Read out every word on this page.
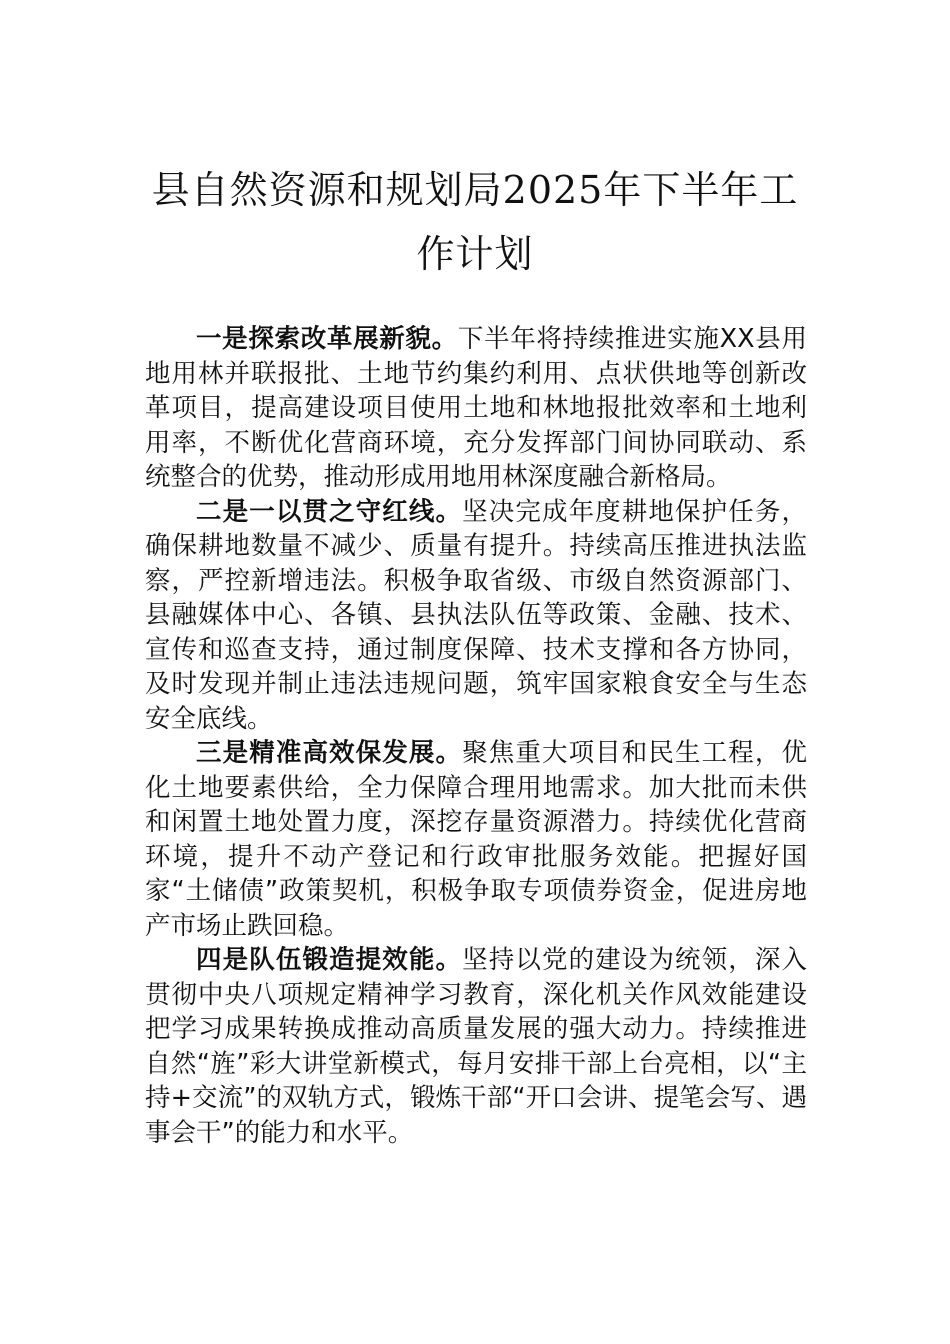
县自然资源和规划局2025年下半年工作计划

一是探索改革展新貌。下半年将持续推进实施XX县用地用林并联报批、土地节约集约利用、点状供地等创新改革项目，提高建设项目使用土地和林地报批效率和土地利用率，不断优化营商环境，充分发挥部门间协同联动、系统整合的优势，推动形成用地用林深度融合新格局。

二是一以贯之守红线。坚决完成年度耕地保护任务，确保耕地数量不减少、质量有提升。持续高压推进执法监察，严控新增违法。积极争取省级、市级自然资源部门、县融媒体中心、各镇、县执法队伍等政策、金融、技术、宣传和巡查支持，通过制度保障、技术支撑和各方协同，及时发现并制止违法违规问题，筑牢国家粮食安全与生态安全底线。

三是精准高效保发展。聚焦重大项目和民生工程，优化土地要素供给，全力保障合理用地需求。加大批而未供和闲置土地处置力度，深挖存量资源潜力。持续优化营商环境，提升不动产登记和行政审批服务效能。把握好国家“土储债”政策契机，积极争取专项债券资金，促进房地产市场止跌回稳。

四是队伍锻造提效能。坚持以党的建设为统领，深入贯彻中央八项规定精神学习教育，深化机关作风效能建设把学习成果转换成推动高质量发展的强大动力。持续推进自然“旌”彩大讲堂新模式，每月安排干部上台亮相，以“主持+交流”的双轨方式，锻炼干部“开口会讲、提笔会写、遇事会干”的能力和水平。
